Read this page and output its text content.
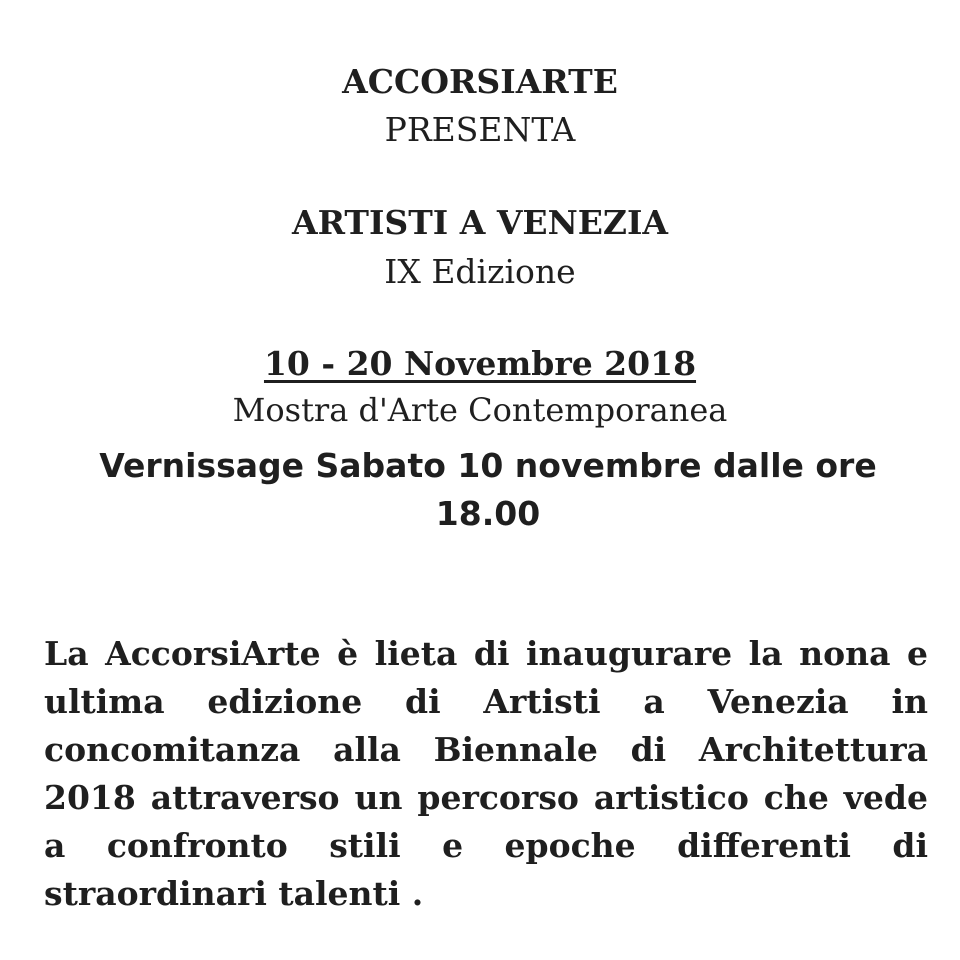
ACCORSIARTE
PRESENTA
ARTISTI A VENEZIA
IX Edizione
10 - 20 Novembre 2018
Mostra d'Arte Contemporanea
Vernissage Sabato 10 novembre dalle ore 18.00
La AccorsiArte è lieta di inaugurare la nona e ultima edizione di Artisti a Venezia in concomitanza alla Biennale di Architettura 2018 attraverso un percorso artistico che vede a confronto stili e epoche differenti di straordinari talenti .
